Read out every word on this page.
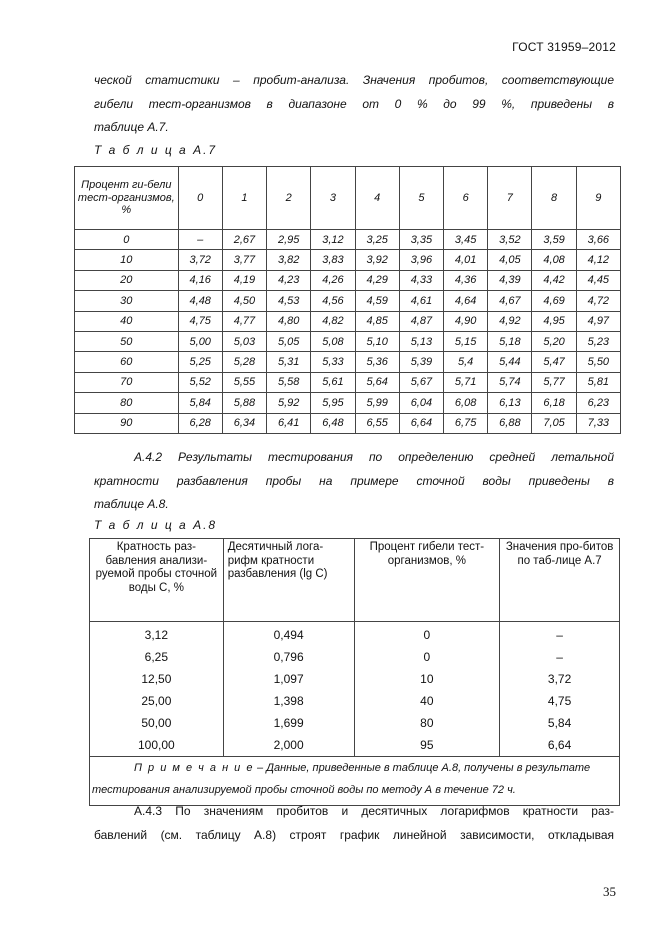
ГОСТ 31959–2012
ческой статистики – пробит-анализа. Значения пробитов, соответствующие
гибели тест-организмов в диапазоне от 0 % до 99 %, приведены в
таблице А.7.
Т а б л и ц а А.7
Процент ги-бели тест-организмов, %	0	1	2	3	4	5	6	7	8	9
0	–	2,67	2,95	3,12	3,25	3,35	3,45	3,52	3,59	3,66
10	3,72	3,77	3,82	3,83	3,92	3,96	4,01	4,05	4,08	4,12
20	4,16	4,19	4,23	4,26	4,29	4,33	4,36	4,39	4,42	4,45
30	4,48	4,50	4,53	4,56	4,59	4,61	4,64	4,67	4,69	4,72
40	4,75	4,77	4,80	4,82	4,85	4,87	4,90	4,92	4,95	4,97
50	5,00	5,03	5,05	5,08	5,10	5,13	5,15	5,18	5,20	5,23
60	5,25	5,28	5,31	5,33	5,36	5,39	5,4	5,44	5,47	5,50
70	5,52	5,55	5,58	5,61	5,64	5,67	5,71	5,74	5,77	5,81
80	5,84	5,88	5,92	5,95	5,99	6,04	6,08	6,13	6,18	6,23
90	6,28	6,34	6,41	6,48	6,55	6,64	6,75	6,88	7,05	7,33
А.4.2 Результаты тестирования по определению средней летальной
кратности разбавления пробы на примере сточной воды приведены в
таблице А.8.
Т а б л и ц а А.8
Кратность раз-бавления анализи-руемой пробы сточной воды С, %	Десятичный лога-рифм кратности разбавления (lg С)	Процент гибели тест-организмов, %	Значения про-битов по таб-лице А.7
3,12	0,494	0	–
6,25	0,796	0	–
12,50	1,097	10	3,72
25,00	1,398	40	4,75
50,00	1,699	80	5,84
100,00	2,000	95	6,64
П р и м е ч а н и е – Данные, приведенные в таблице А.8, получены в результате тестирования анализируемой пробы сточной воды по методу А в течение 72 ч.			
А.4.3 По значениям пробитов и десятичных логарифмов кратности раз-
бавлений (см. таблицу А.8) строят график линейной зависимости, откладывая
35
